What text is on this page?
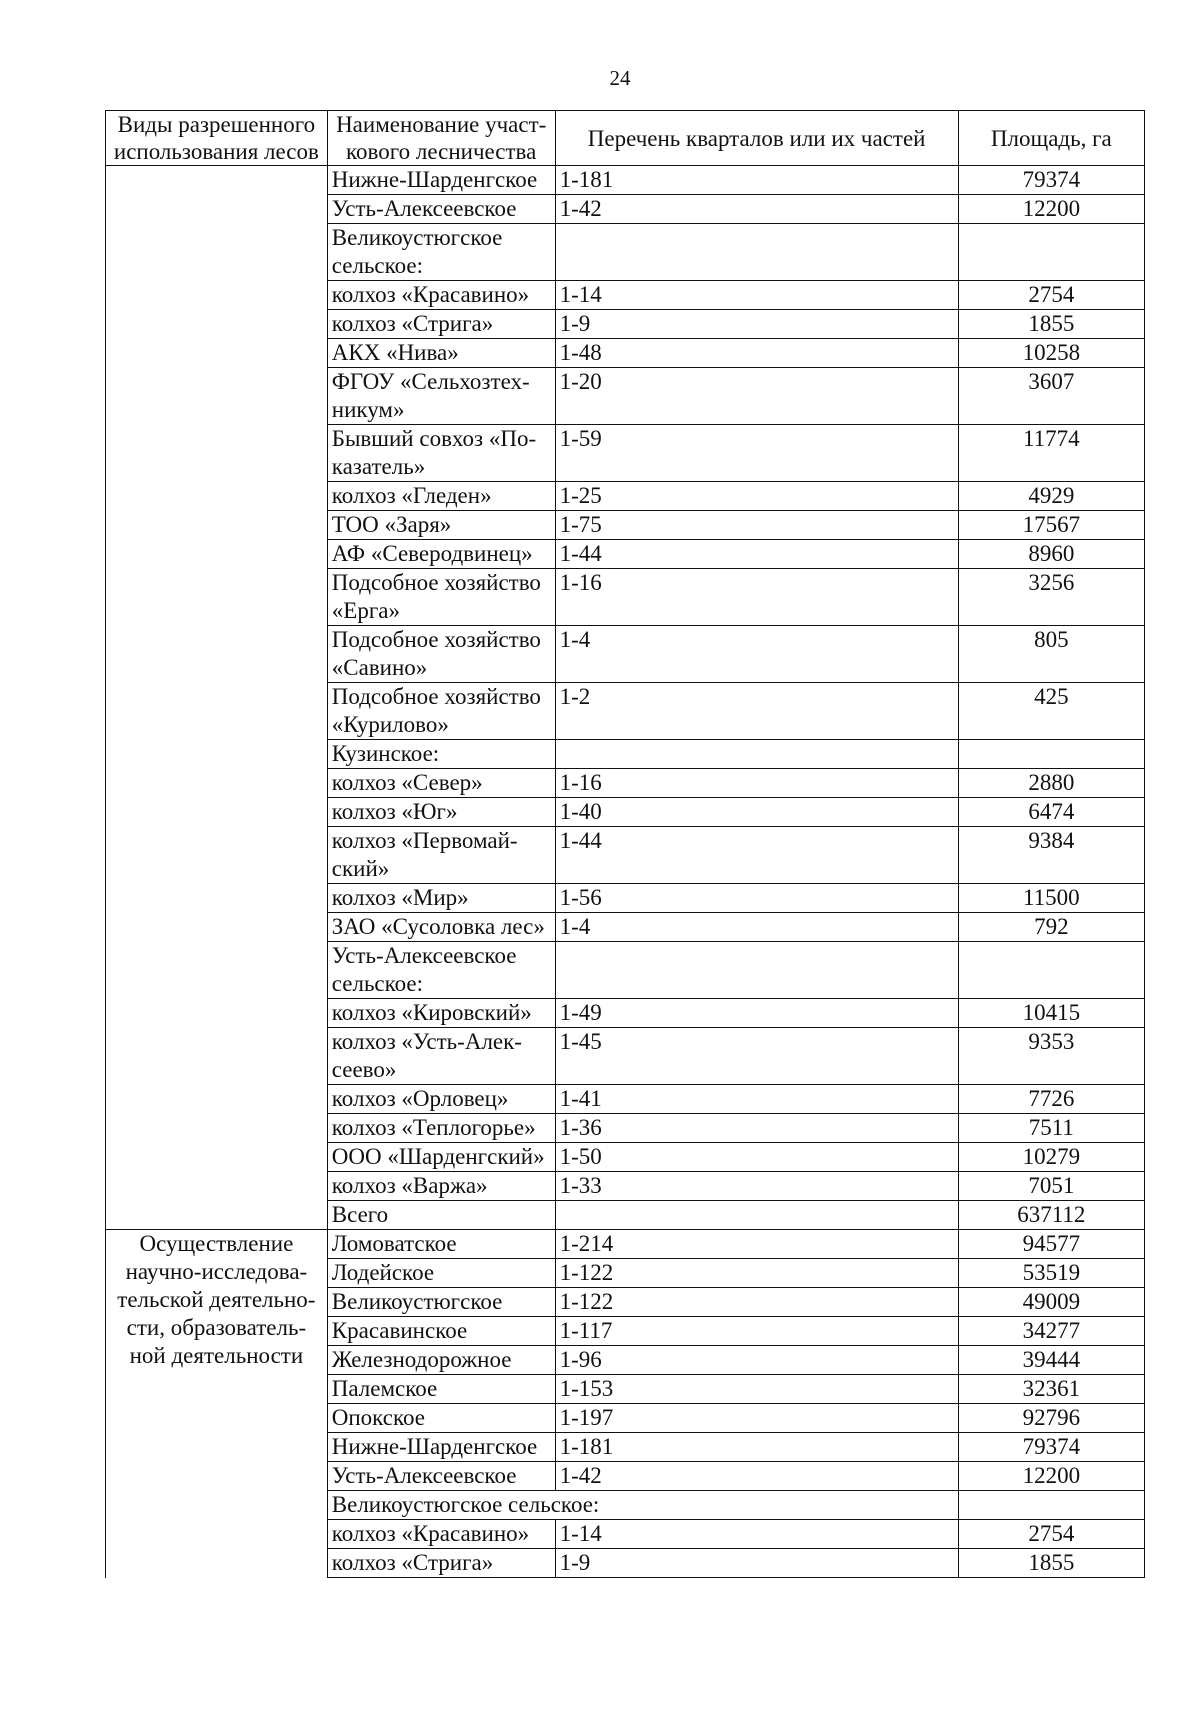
24
Виды разрешенного использования лесов	Наименование участ- кового лесничества	Перечень кварталов или их частей	Площадь, га
	Нижне-Шарденгское	1-181	79374
	Усть-Алексеевское	1-42	12200
	Великоустюгское сельское:		
	колхоз «Красавино»	1-14	2754
	колхоз «Стрига»	1-9	1855
	АКХ «Нива»	1-48	10258
	ФГОУ «Сельхозтех- никум»	1-20	3607
	Бывший совхоз «По- казатель»	1-59	11774
	колхоз «Гледен»	1-25	4929
	ТОО «Заря»	1-75	17567
	АФ «Северодвинец»	1-44	8960
	Подсобное хозяйство «Ерга»	1-16	3256
	Подсобное хозяйство «Савино»	1-4	805
	Подсобное хозяйство «Курилово»	1-2	425
	Кузинское:		
	колхоз «Север»	1-16	2880
	колхоз «Юг»	1-40	6474
	колхоз «Первомай- ский»	1-44	9384
	колхоз «Мир»	1-56	11500
	ЗАО «Сусоловка лес»	1-4	792
	Усть-Алексеевское сельское:		
	колхоз «Кировский»	1-49	10415
	колхоз «Усть-Алек- сеево»	1-45	9353
	колхоз «Орловец»	1-41	7726
	колхоз «Теплогорье»	1-36	7511
	ООО «Шарденгский»	1-50	10279
	колхоз «Варжа»	1-33	7051
	Всего		637112
Осуществление научно-исследова- тельской деятельно- сти, образователь- ной деятельности	Ломоватское	1-214	94577
	Лодейское	1-122	53519
	Великоустюгское	1-122	49009
	Красавинское	1-117	34277
	Железнодорожное	1-96	39444
	Палемское	1-153	32361
	Опокское	1-197	92796
	Нижне-Шарденгское	1-181	79374
	Усть-Алексеевское	1-42	12200
	Великоустюгское сельское:		
	колхоз «Красавино»	1-14	2754
	колхоз «Стрига»	1-9	1855
